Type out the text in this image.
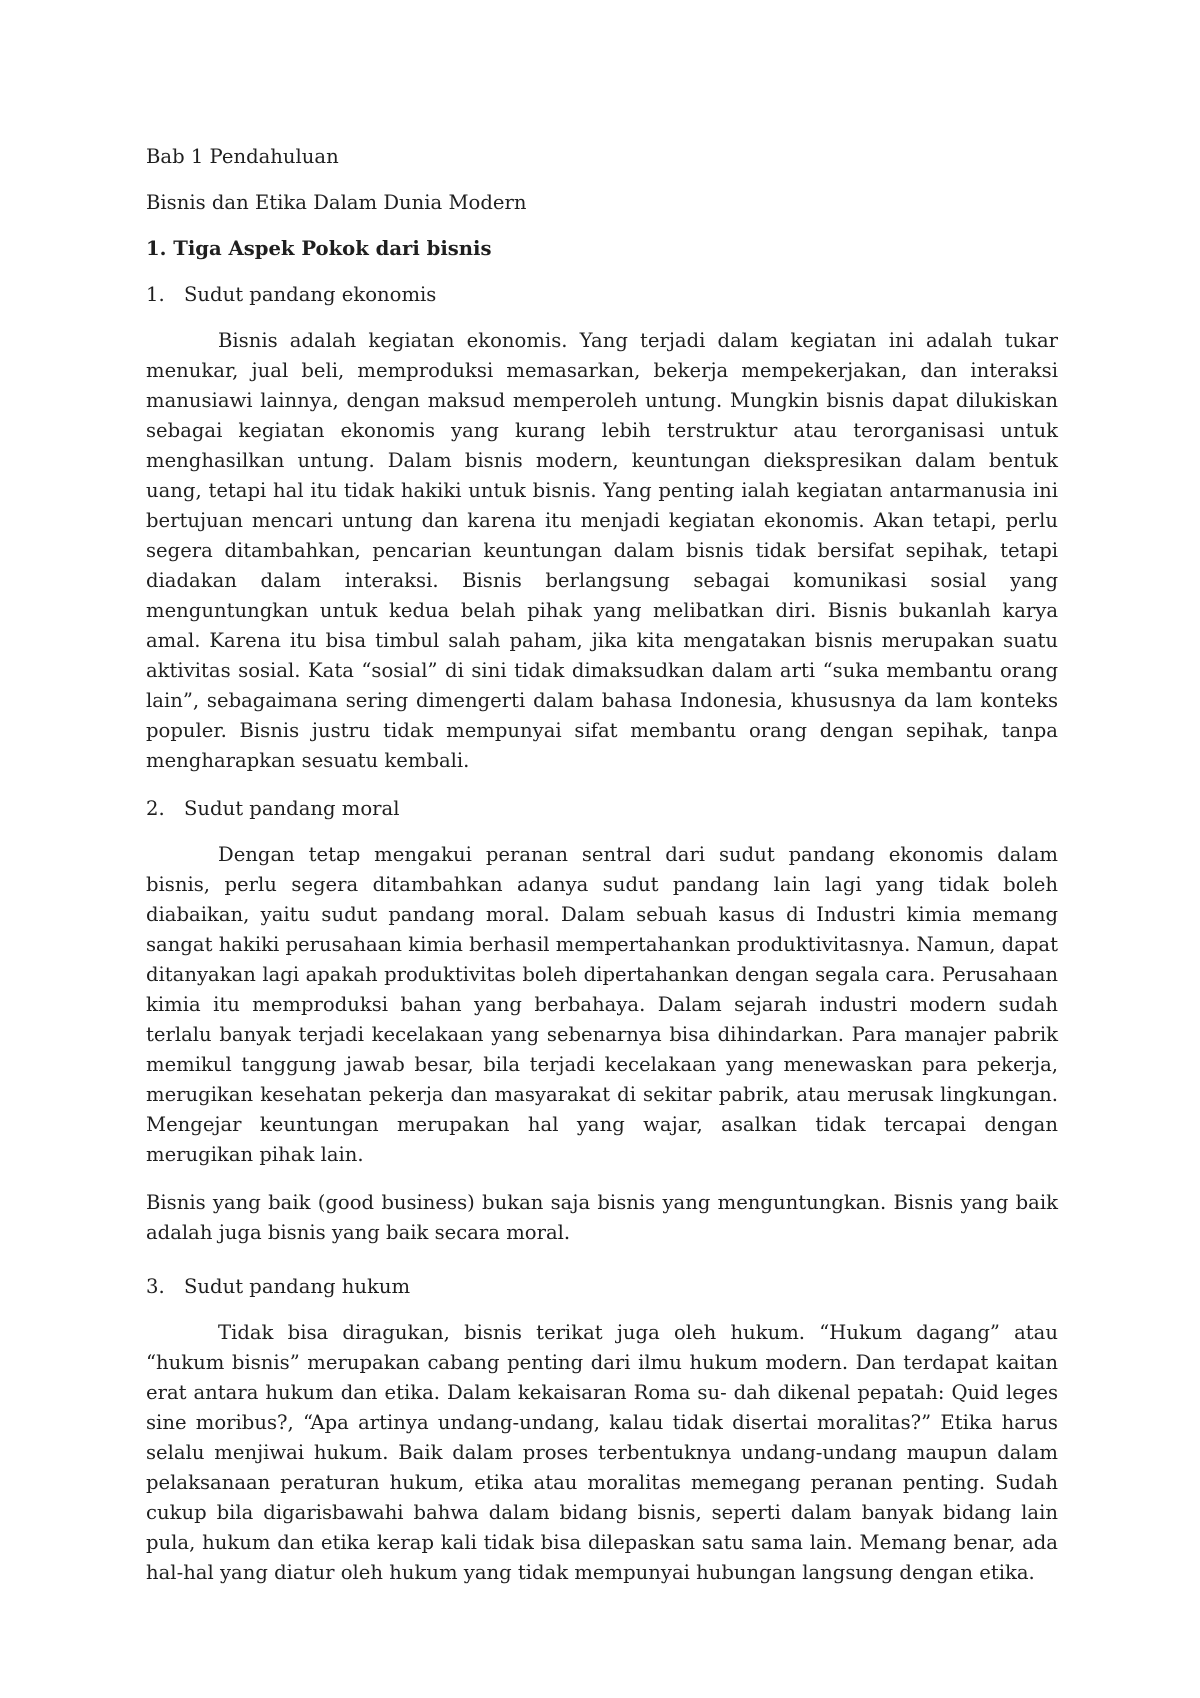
Bab 1 Pendahuluan
Bisnis dan Etika Dalam Dunia Modern
1. Tiga Aspek Pokok dari bisnis
1. Sudut pandang ekonomis

Bisnis adalah kegiatan ekonomis. Yang terjadi dalam kegiatan ini adalah tukar menukar, jual beli, memproduksi memasarkan, bekerja mempekerjakan, dan interaksi manusiawi lainnya, dengan maksud memperoleh untung. Mungkin bisnis dapat dilukiskan sebagai kegiatan ekonomis yang kurang lebih terstruktur atau terorganisasi untuk menghasilkan untung. Dalam bisnis modern, keuntungan diekspresikan dalam bentuk uang, tetapi hal itu tidak hakiki untuk bisnis. Yang penting ialah kegiatan antarmanusia ini bertujuan mencari untung dan karena itu menjadi kegiatan ekonomis. Akan tetapi, perlu segera ditambahkan, pencarian keuntungan dalam bisnis tidak bersifat sepihak, tetapi diadakan dalam interaksi. Bisnis berlangsung sebagai komunikasi sosial yang menguntungkan untuk kedua belah pihak yang melibatkan diri. Bisnis bukanlah karya amal. Karena itu bisa timbul salah paham, jika kita mengatakan bisnis merupakan suatu aktivitas sosial. Kata “sosial” di sini tidak dimaksudkan dalam arti “suka membantu orang lain”, sebagaimana sering dimengerti dalam bahasa Indonesia, khususnya da lam konteks populer. Bisnis justru tidak mempunyai sifat membantu orang dengan sepihak, tanpa mengharapkan sesuatu kembali.

2. Sudut pandang moral

Dengan tetap mengakui peranan sentral dari sudut pandang ekonomis dalam bisnis, perlu segera ditambahkan adanya sudut pandang lain lagi yang tidak boleh diabaikan, yaitu sudut pandang moral. Dalam sebuah kasus di Industri kimia memang sangat hakiki perusahaan kimia berhasil mempertahankan produktivitasnya. Namun, dapat ditanyakan lagi apakah produktivitas boleh dipertahankan dengan segala cara. Perusahaan kimia itu memproduksi bahan yang berbahaya. Dalam sejarah industri modern sudah terlalu banyak terjadi kecelakaan yang sebenarnya bisa dihindarkan. Para manajer pabrik memikul tanggung jawab besar, bila terjadi kecelakaan yang menewaskan para pekerja, merugikan kesehatan pekerja dan masyarakat di sekitar pabrik, atau merusak lingkungan. Mengejar keuntungan merupakan hal yang wajar, asalkan tidak tercapai dengan merugikan pihak lain.

Bisnis yang baik (good business) bukan saja bisnis yang menguntungkan. Bisnis yang baik adalah juga bisnis yang baik secara moral.

3. Sudut pandang hukum

Tidak bisa diragukan, bisnis terikat juga oleh hukum. “Hukum dagang” atau “hukum bisnis” merupakan cabang penting dari ilmu hukum modern. Dan terdapat kaitan erat antara hukum dan etika. Dalam kekaisaran Roma su- dah dikenal pepatah: Quid leges sine moribus?, “Apa artinya undang-undang, kalau tidak disertai moralitas?” Etika harus selalu menjiwai hukum. Baik dalam proses terbentuknya undang-undang maupun dalam pelaksanaan peraturan hukum, etika atau moralitas memegang peranan penting. Sudah cukup bila digarisbawahi bahwa dalam bidang bisnis, seperti dalam banyak bidang lain pula, hukum dan etika kerap kali tidak bisa dilepaskan satu sama lain. Memang benar, ada hal-hal yang diatur oleh hukum yang tidak mempunyai hubungan langsung dengan etika.
